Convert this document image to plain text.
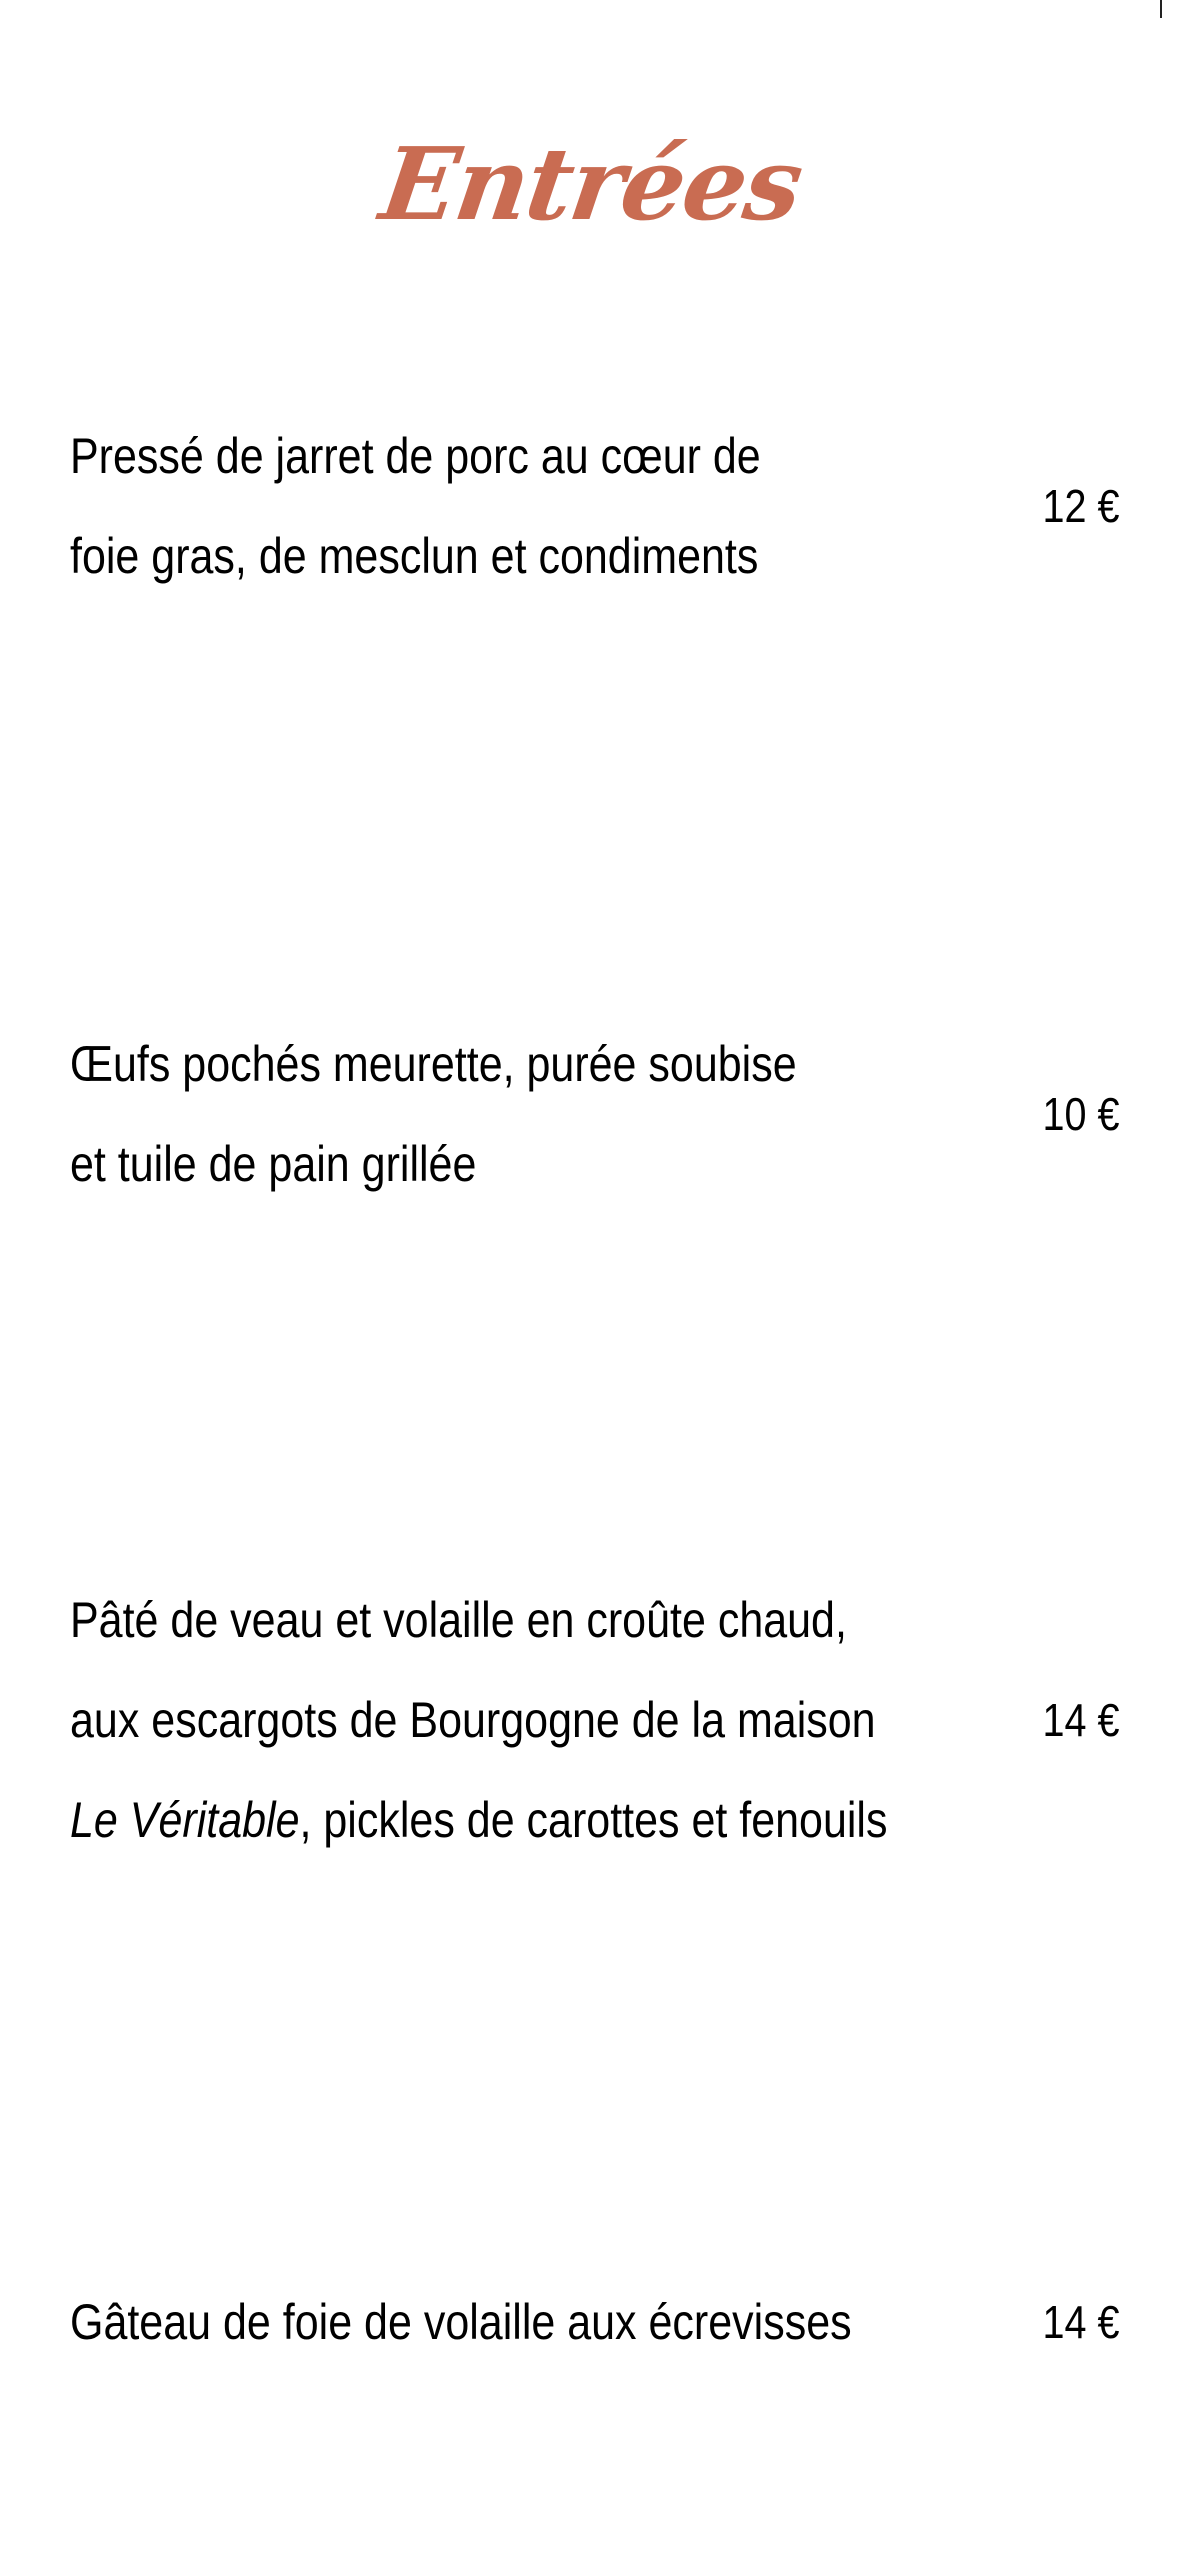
Entrées
Pressé de jarret de porc au cœur de
foie gras, de mesclun et condiments
12 €
Œufs pochés meurette, purée soubise
et tuile de pain grillée
10 €
Pâté de veau et volaille en croûte chaud,
aux escargots de Bourgogne de la maison
Le Véritable, pickles de carottes et fenouils
14 €
Gâteau de foie de volaille aux écrevisses	14 €
